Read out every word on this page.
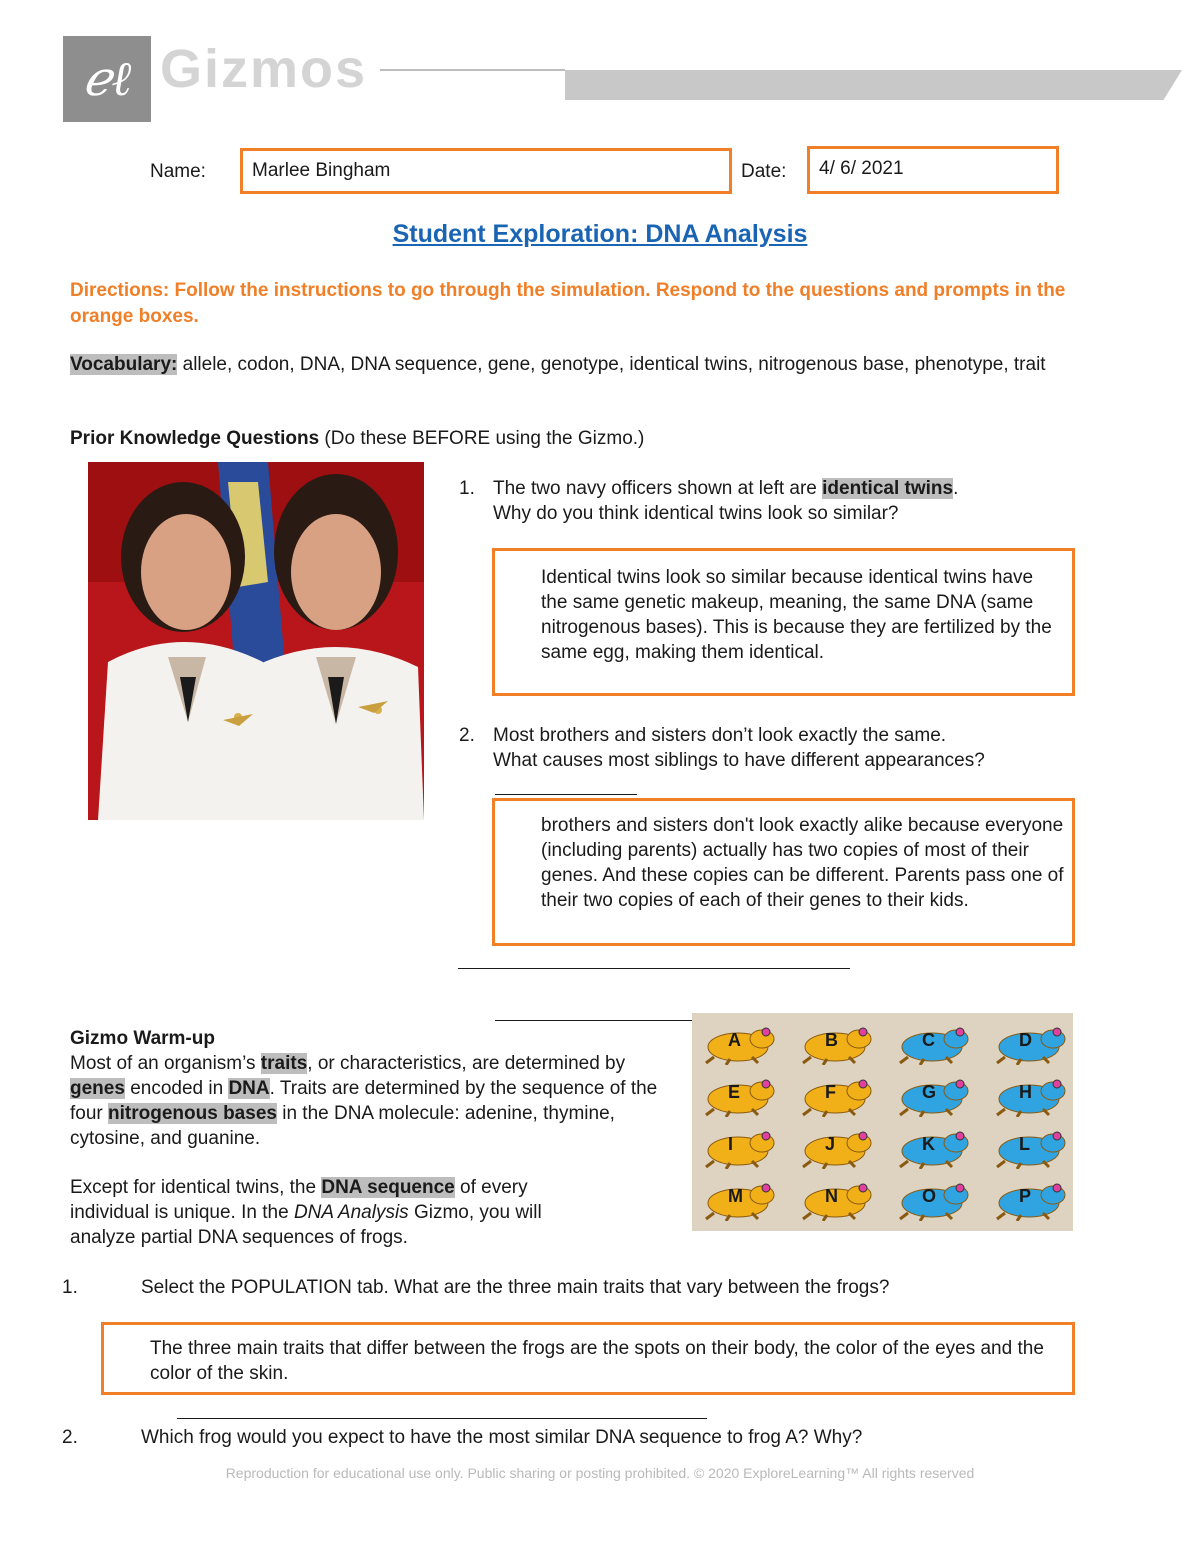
ℯℓ Gizmos
Name:	Marlee Bingham	Date:	4/ 6/ 2021
Student Exploration: DNA Analysis
Directions: Follow the instructions to go through the simulation. Respond to the questions and prompts in the orange boxes.
Vocabulary: allele, codon, DNA, DNA sequence, gene, genotype, identical twins, nitrogenous base, phenotype, trait
Prior Knowledge Questions (Do these BEFORE using the Gizmo.)
1. The two navy officers shown at left are identical twins.
Why do you think identical twins look so similar?
Identical twins look so similar because identical twins have the same genetic makeup, meaning, the same DNA (same nitrogenous bases). This is because they are fertilized by the same egg, making them identical.
2. Most brothers and sisters don’t look exactly the same.
What causes most siblings to have different appearances?
brothers and sisters don't look exactly alike because everyone (including parents) actually has two copies of most of their genes. And these copies can be different. Parents pass one of their two copies of each of their genes to their kids.
Gizmo Warm-up
Most of an organism’s traits, or characteristics, are determined by genes encoded in DNA. Traits are determined by the sequence of the four nitrogenous bases in the DNA molecule: adenine, thymine, cytosine, and guanine.
Except for identical twins, the DNA sequence of every individual is unique. In the DNA Analysis Gizmo, you will analyze partial DNA sequences of frogs.
A	B	C	D
E	F	G	H
I	J	K	L
M	N	O	P
1.	Select the POPULATION tab. What are the three main traits that vary between the frogs?
The three main traits that differ between the frogs are the spots on their body, the color of the eyes and the color of the skin.
2.	Which frog would you expect to have the most similar DNA sequence to frog A? Why?
Reproduction for educational use only. Public sharing or posting prohibited. © 2020 ExploreLearning™ All rights reserved
